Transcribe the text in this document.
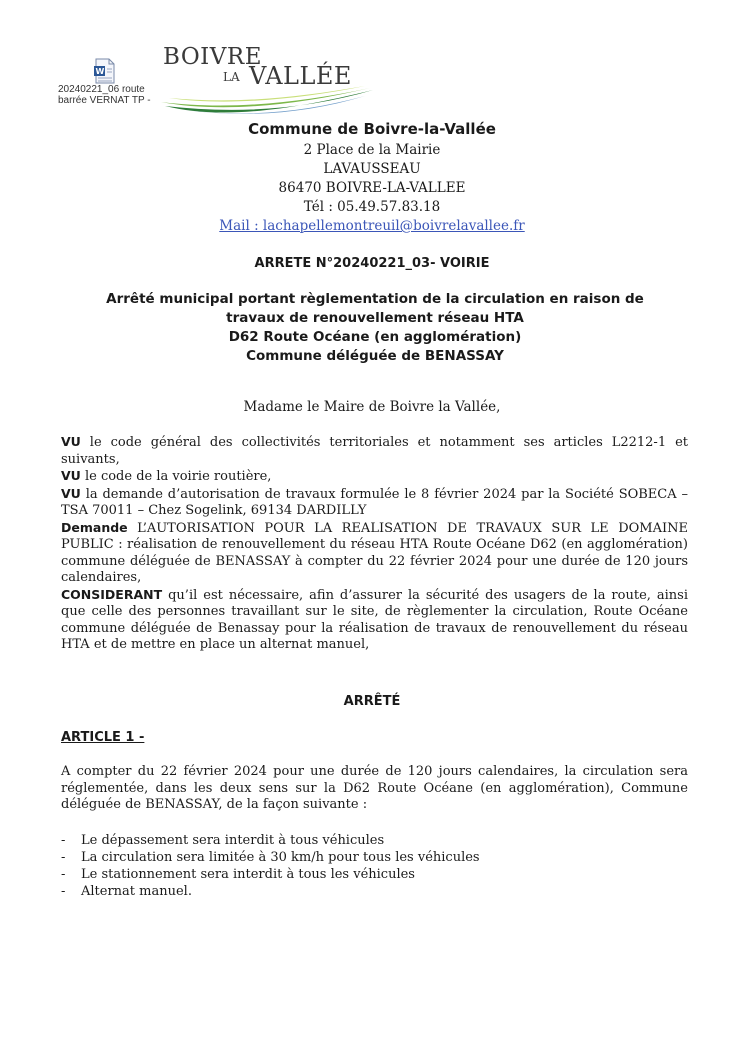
W
20240221_06 route
barrée VERNAT TP -
BOIVRE
LA VALLÉE
Commune de Boivre-la-Vallée
2 Place de la Mairie
LAVAUSSEAU
86470 BOIVRE-LA-VALLEE
Tél : 05.49.57.83.18
Mail : lachapellemontreuil@boivrelavallee.fr
ARRETE N°20240221_03- VOIRIE
Arrêté municipal portant règlementation de la circulation en raison de
travaux de renouvellement réseau HTA
D62 Route Océane (en agglomération)
Commune déléguée de BENASSAY
Madame le Maire de Boivre la Vallée,

VU le code général des collectivités territoriales et notamment ses articles L2212-1 et suivants,

VU le code de la voirie routière,

VU la demande d’autorisation de travaux formulée le 8 février 2024 par la Société SOBECA – TSA 70011 – Chez Sogelink, 69134 DARDILLY

Demande L’AUTORISATION POUR LA REALISATION DE TRAVAUX SUR LE DOMAINE PUBLIC : réalisation de renouvellement du réseau HTA Route Océane D62 (en agglomération) commune déléguée de BENASSAY à compter du 22 février 2024 pour une durée de 120 jours calendaires,

CONSIDERANT qu’il est nécessaire, afin d’assurer la sécurité des usagers de la route, ainsi que celle des personnes travaillant sur le site, de règlementer la circulation, Route Océane commune déléguée de Benassay pour la réalisation de travaux de renouvellement du réseau HTA et de mettre en place un alternat manuel,

ARRÊTÉ
ARTICLE 1 -
A compter du 22 février 2024 pour une durée de 120 jours calendaires, la circulation sera réglementée, dans les deux sens sur la D62 Route Océane (en agglomération), Commune déléguée de BENASSAY, de la façon suivante :
- Le dépassement sera interdit à tous véhicules
- La circulation sera limitée à 30 km/h pour tous les véhicules
- Le stationnement sera interdit à tous les véhicules
- Alternat manuel.
